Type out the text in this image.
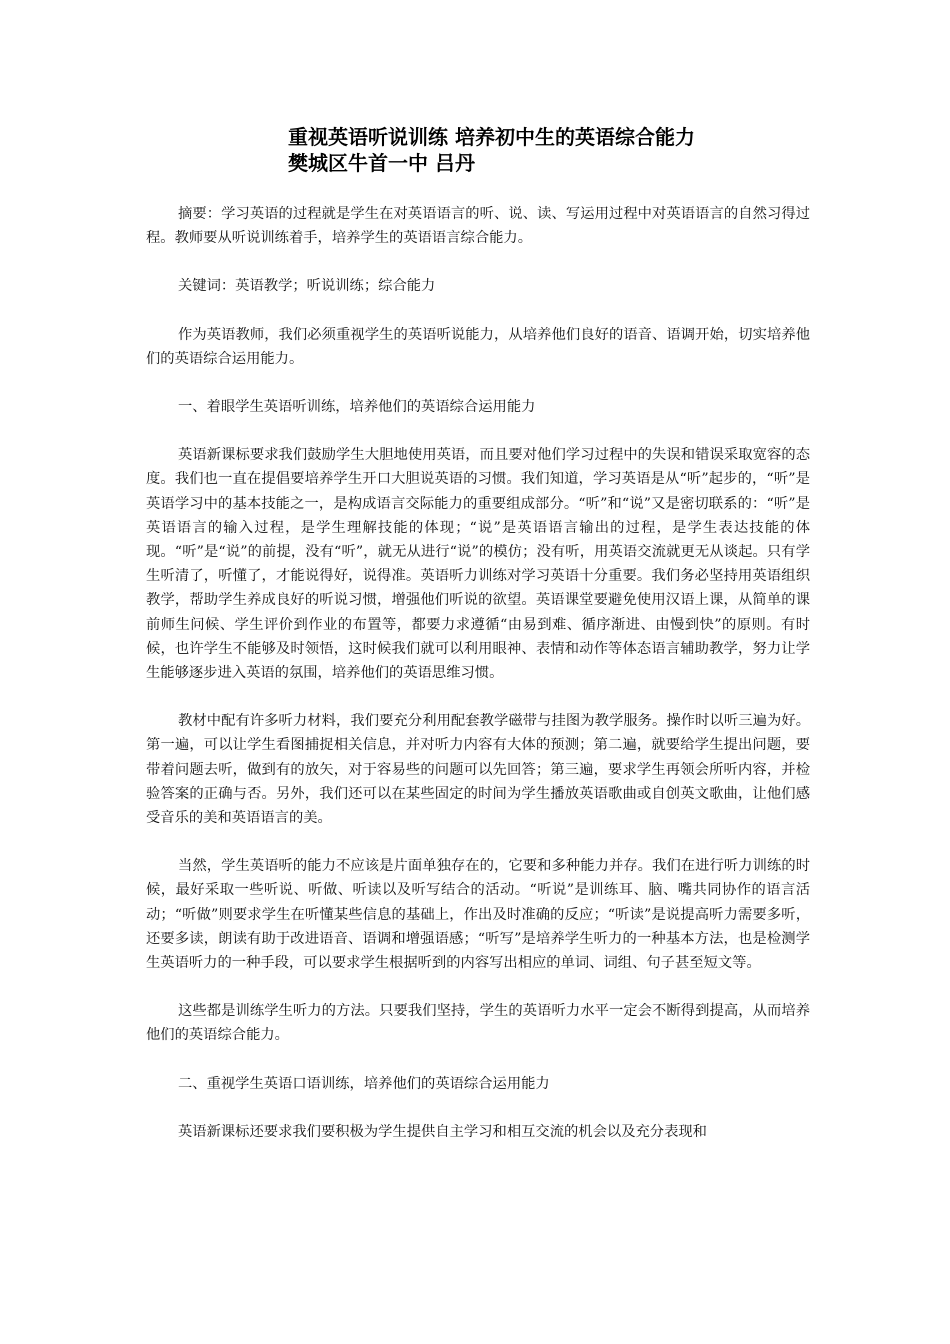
重视英语听说训练 培养初中生的英语综合能力
樊城区牛首一中 吕丹

摘要：学习英语的过程就是学生在对英语语言的听、说、读、写运用过程中对英语语言的自然习得过程。教师要从听说训练着手，培养学生的英语语言综合能力。

关键词：英语教学；听说训练；综合能力

作为英语教师，我们必须重视学生的英语听说能力，从培养他们良好的语音、语调开始，切实培养他们的英语综合运用能力。

一、着眼学生英语听训练，培养他们的英语综合运用能力

英语新课标要求我们鼓励学生大胆地使用英语，而且要对他们学习过程中的失误和错误采取宽容的态度。我们也一直在提倡要培养学生开口大胆说英语的习惯。我们知道，学习英语是从“听”起步的，“听”是英语学习中的基本技能之一，是构成语言交际能力的重要组成部分。“听”和“说”又是密切联系的：“听”是英语语言的输入过程，是学生理解技能的体现；“说”是英语语言输出的过程，是学生表达技能的体现。“听”是“说”的前提，没有“听”，就无从进行“说”的模仿；没有听，用英语交流就更无从谈起。只有学生听清了，听懂了，才能说得好，说得准。英语听力训练对学习英语十分重要。我们务必坚持用英语组织教学，帮助学生养成良好的听说习惯，增强他们听说的欲望。英语课堂要避免使用汉语上课，从简单的课前师生问候、学生评价到作业的布置等，都要力求遵循“由易到难、循序渐进、由慢到快”的原则。有时候，也许学生不能够及时领悟，这时候我们就可以利用眼神、表情和动作等体态语言辅助教学，努力让学生能够逐步进入英语的氛围，培养他们的英语思维习惯。

教材中配有许多听力材料，我们要充分利用配套教学磁带与挂图为教学服务。操作时以听三遍为好。第一遍，可以让学生看图捕捉相关信息，并对听力内容有大体的预测；第二遍，就要给学生提出问题，要带着问题去听，做到有的放矢，对于容易些的问题可以先回答；第三遍，要求学生再领会所听内容，并检验答案的正确与否。另外，我们还可以在某些固定的时间为学生播放英语歌曲或自创英文歌曲，让他们感受音乐的美和英语语言的美。

当然，学生英语听的能力不应该是片面单独存在的，它要和多种能力并存。我们在进行听力训练的时候，最好采取一些听说、听做、听读以及听写结合的活动。“听说”是训练耳、脑、嘴共同协作的语言活动；“听做”则要求学生在听懂某些信息的基础上，作出及时准确的反应；“听读”是说提高听力需要多听，还要多读，朗读有助于改进语音、语调和增强语感；“听写”是培养学生听力的一种基本方法，也是检测学生英语听力的一种手段，可以要求学生根据听到的内容写出相应的单词、词组、句子甚至短文等。

这些都是训练学生听力的方法。只要我们坚持，学生的英语听力水平一定会不断得到提高，从而培养他们的英语综合能力。

二、重视学生英语口语训练，培养他们的英语综合运用能力

英语新课标还要求我们要积极为学生提供自主学习和相互交流的机会以及充分表现和
